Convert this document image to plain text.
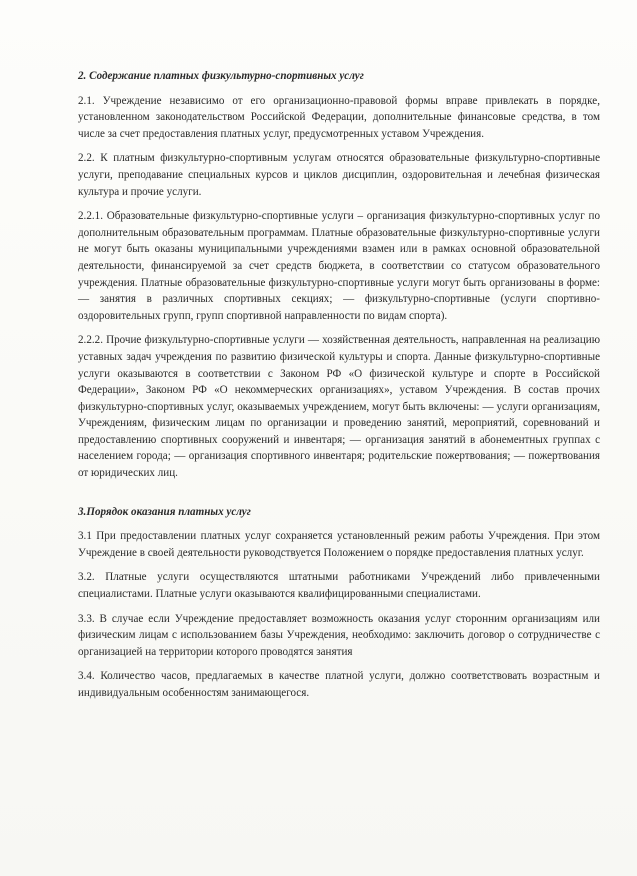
2. Содержание платных физкультурно-спортивных услуг
2.1. Учреждение независимо от его организационно-правовой формы вправе привлекать в порядке, установленном законодательством Российской Федерации, дополнительные финансовые средства, в том числе за счет предоставления платных услуг, предусмотренных уставом Учреждения.
2.2. К платным физкультурно-спортивным услугам относятся образовательные физкультурно-спортивные услуги, преподавание специальных курсов и циклов дисциплин, оздоровительная и лечебная физическая культура и прочие услуги.
2.2.1. Образовательные физкультурно-спортивные услуги – организация физкультурно-спортивных услуг по дополнительным образовательным программам. Платные образовательные физкультурно-спортивные услуги не могут быть оказаны муниципальными учреждениями взамен или в рамках основной образовательной деятельности, финансируемой за счет средств бюджета, в соответствии со статусом образовательного учреждения. Платные образовательные физкультурно-спортивные услуги могут быть организованы в форме: — занятия в различных спортивных секциях; — физкультурно-спортивные (услуги спортивно-оздоровительных групп, групп спортивной направленности по видам спорта).
2.2.2. Прочие физкультурно-спортивные услуги — хозяйственная деятельность, направленная на реализацию уставных задач учреждения по развитию физической культуры и спорта. Данные физкультурно-спортивные услуги оказываются в соответствии с Законом РФ «О физической культуре и спорте в Российской Федерации», Законом РФ «О некоммерческих организациях», уставом Учреждения. В состав прочих физкультурно-спортивных услуг, оказываемых учреждением, могут быть включены: — услуги организациям, Учреждениям, физическим лицам по организации и проведению занятий, мероприятий, соревнований и предоставлению спортивных сооружений и инвентаря; — организация занятий в абонементных группах с населением города; — организация спортивного инвентаря; родительские пожертвования; — пожертвования от юридических лиц.
3.Порядок оказания платных услуг
3.1 При предоставлении платных услуг сохраняется установленный режим работы Учреждения. При этом Учреждение в своей деятельности руководствуется Положением о порядке предоставления платных услуг.
3.2. Платные услуги осуществляются штатными работниками Учреждений либо привлеченными специалистами. Платные услуги оказываются квалифицированными специалистами.
3.3. В случае если Учреждение предоставляет возможность оказания услуг сторонним организациям или физическим лицам с использованием базы Учреждения, необходимо: заключить договор о сотрудничестве с организацией на территории которого проводятся занятия
3.4. Количество часов, предлагаемых в качестве платной услуги, должно соответствовать возрастным и индивидуальным особенностям занимающегося.
